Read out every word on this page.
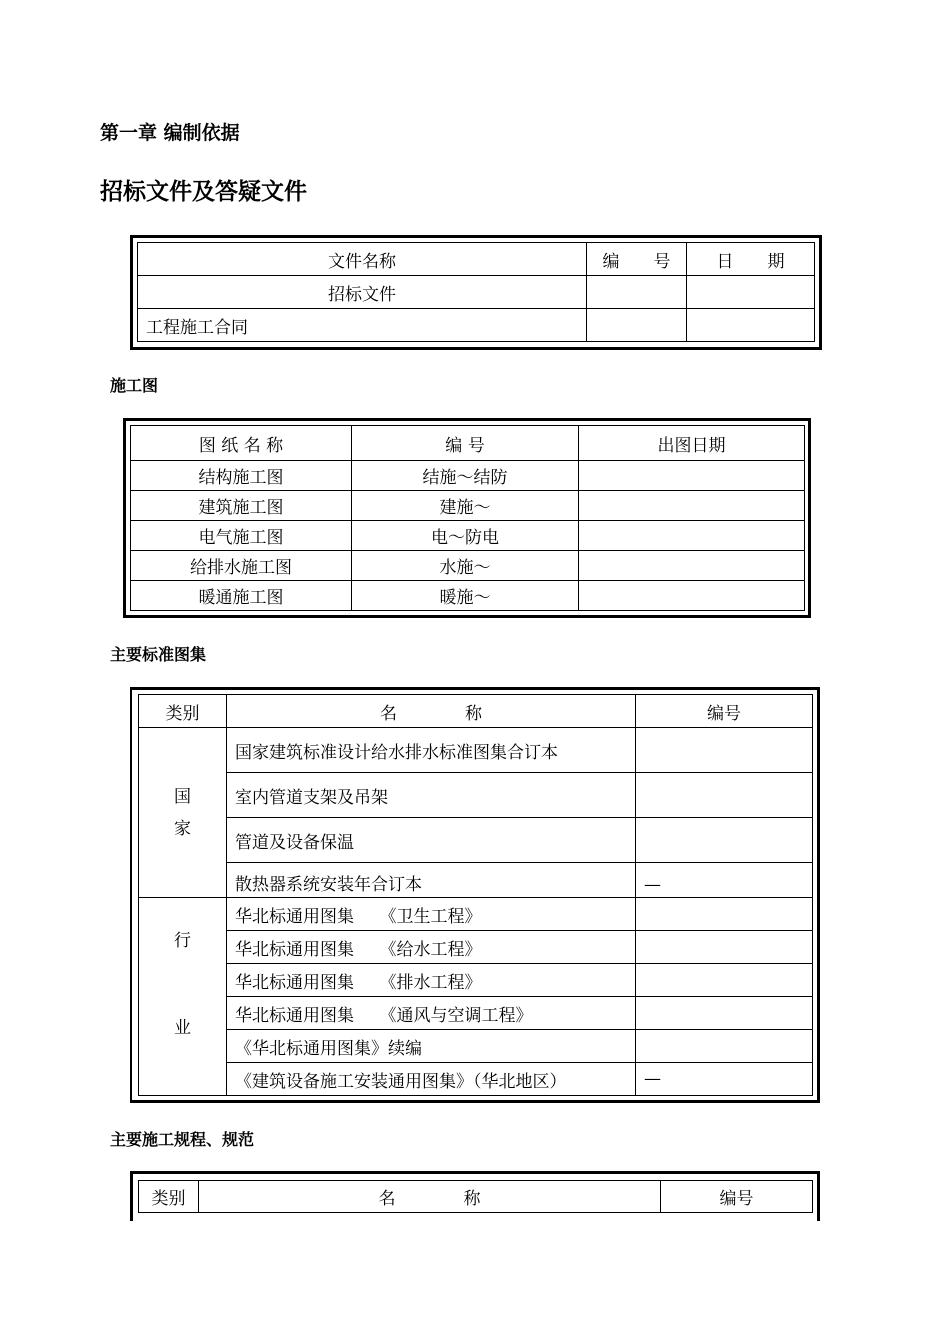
第一章 编制依据
招标文件及答疑文件
文件名称	编　　号	日　　期
招标文件		
工程施工合同		
施工图
图 纸 名 称	编 号	出图日期
结构施工图	结施～结防	
建筑施工图	建施～	
电气施工图	电～防电	
给排水施工图	水施～	
暖通施工图	暖施～	
主要标准图集
类别	名　　　　称	编号

国
家	国家建筑标准设计给水排水标准图集合订本	
	室内管道支架及吊架	
	管道及设备保温	
	散热器系统安装年合订本	—

行
业	华北标通用图集　　《卫生工程》	
	华北标通用图集　　《给水工程》	
	华北标通用图集　　《排水工程》	
	华北标通用图集　　《通风与空调工程》	
	《华北标通用图集》续编	
	《建筑设备施工安装通用图集》（华北地区）	—
主要施工规程、规范
类别	名　　　　称	编号
